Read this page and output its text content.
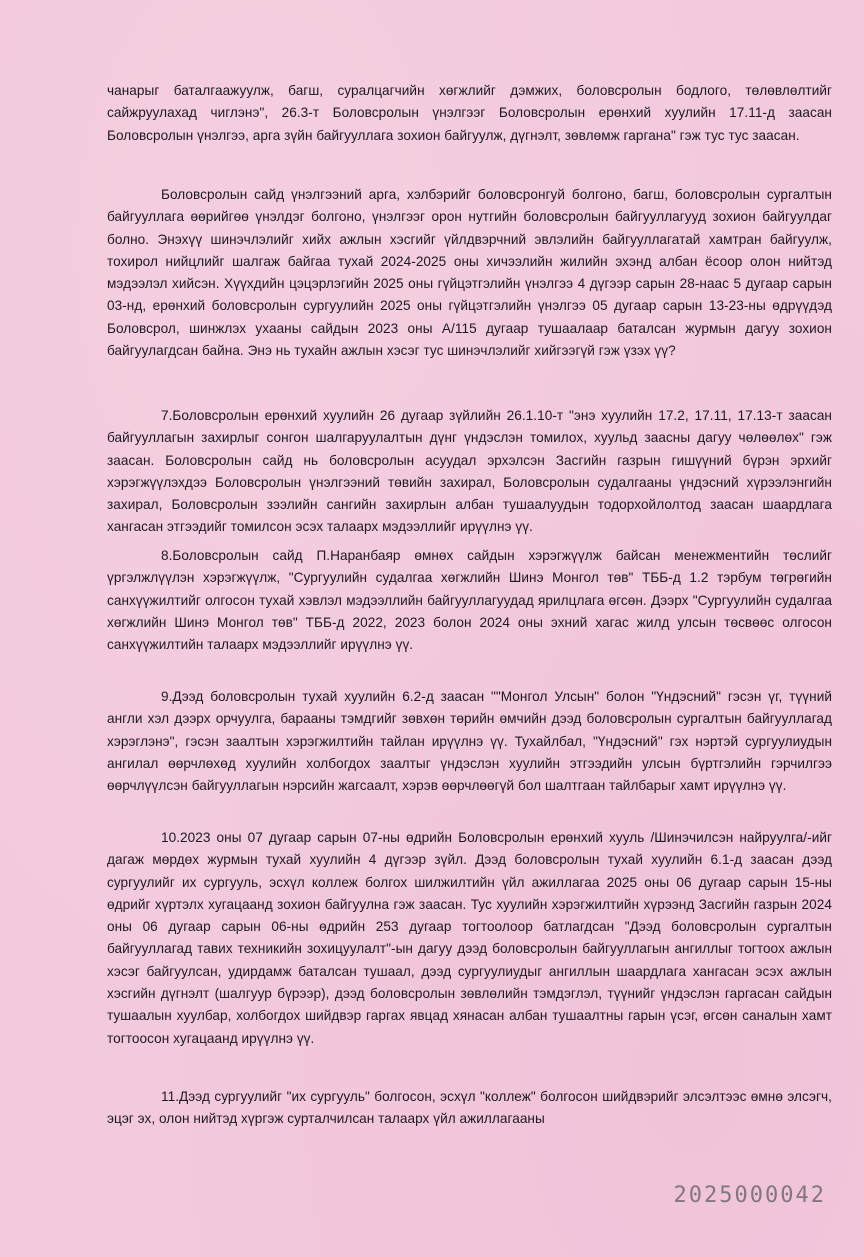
чанарыг баталгаажуулж, багш, суралцагчийн хөгжлийг дэмжих, боловсролын бодлого, төлөвлөлтийг сайжруулахад чиглэнэ", 26.3-т Боловсролын үнэлгээг Боловсролын ерөнхий хуулийн 17.11-д заасан Боловсролын үнэлгээ, арга зүйн байгууллага зохион байгуулж, дүгнэлт, зөвлөмж гаргана" гэж тус тус заасан.

Боловсролын сайд үнэлгээний арга, хэлбэрийг боловсронгуй болгоно, багш, боловсролын сургалтын байгууллага өөрийгөө үнэлдэг болгоно, үнэлгээг орон нутгийн боловсролын байгууллагууд зохион байгуулдаг болно. Энэхүү шинэчлэлийг хийх ажлын хэсгийг үйлдвэрчний эвлэлийн байгууллагатай хамтран байгуулж, тохирол нийцлийг шалгаж байгаа тухай 2024-2025 оны хичээлийн жилийн эхэнд албан ёсоор олон нийтэд мэдээлэл хийсэн. Хүүхдийн цэцэрлэгийн 2025 оны гүйцэтгэлийн үнэлгээ 4 дүгээр сарын 28-наас 5 дугаар сарын 03-нд, ерөнхий боловсролын сургуулийн 2025 оны гүйцэтгэлийн үнэлгээ 05 дугаар сарын 13-23-ны өдрүүдэд Боловсрол, шинжлэх ухааны сайдын 2023 оны А/115 дугаар тушаалаар баталсан журмын дагуу зохион байгуулагдсан байна. Энэ нь тухайн ажлын хэсэг тус шинэчлэлийг хийгээгүй гэж үзэх үү?

7.Боловсролын ерөнхий хуулийн 26 дугаар зүйлийн 26.1.10-т "энэ хуулийн 17.2, 17.11, 17.13-т заасан байгууллагын захирлыг сонгон шалгаруулалтын дүнг үндэслэн томилох, хуульд заасны дагуу чөлөөлөх" гэж заасан. Боловсролын сайд нь боловсролын асуудал эрхэлсэн Засгийн газрын гишүүний бүрэн эрхийг хэрэгжүүлэхдээ Боловсролын үнэлгээний төвийн захирал, Боловсролын судалгааны үндэсний хүрээлэнгийн захирал, Боловсролын зээлийн сангийн захирлын албан тушаалуудын тодорхойлолтод заасан шаардлага хангасан этгээдийг томилсон эсэх талаарх мэдээллийг ирүүлнэ үү.

8.Боловсролын сайд П.Наранбаяр өмнөх сайдын хэрэгжүүлж байсан менежментийн төслийг үргэлжлүүлэн хэрэгжүүлж, "Сургуулийн судалгаа хөгжлийн Шинэ Монгол төв" ТББ-д 1.2 тэрбум төгрөгийн санхүүжилтийг олгосон тухай хэвлэл мэдээллийн байгууллагуудад ярилцлага өгсөн. Дээрх "Сургуулийн судалгаа хөгжлийн Шинэ Монгол төв" ТББ-д 2022, 2023 болон 2024 оны эхний хагас жилд улсын төсвөөс олгосон санхүүжилтийн талаарх мэдээллийг ирүүлнэ үү.

9.Дээд боловсролын тухай хуулийн 6.2-д заасан ""Монгол Улсын" болон "Үндэсний" гэсэн үг, түүний англи хэл дээрх орчуулга, барааны тэмдгийг зөвхөн төрийн өмчийн дээд боловсролын сургалтын байгууллагад хэрэглэнэ", гэсэн заалтын хэрэгжилтийн тайлан ирүүлнэ үү. Тухайлбал, "Үндэсний" гэх нэртэй сургуулиудын ангилал өөрчлөхөд хуулийн холбогдох заалтыг үндэслэн хуулийн этгээдийн улсын бүртгэлийн гэрчилгээ өөрчлүүлсэн байгууллагын нэрсийн жагсаалт, хэрэв өөрчлөөгүй бол шалтгаан тайлбарыг хамт ирүүлнэ үү.

10.2023 оны 07 дугаар сарын 07-ны өдрийн Боловсролын ерөнхий хууль /Шинэчилсэн найруулга/-ийг дагаж мөрдөх журмын тухай хуулийн 4 дүгээр зүйл. Дээд боловсролын тухай хуулийн 6.1-д заасан дээд сургуулийг их сургууль, эсхүл коллеж болгох шилжилтийн үйл ажиллагаа 2025 оны 06 дугаар сарын 15-ны өдрийг хүртэлх хугацаанд зохион байгуулна гэж заасан. Тус хуулийн хэрэгжилтийн хүрээнд Засгийн газрын 2024 оны 06 дугаар сарын 06-ны өдрийн 253 дугаар тогтоолоор батлагдсан "Дээд боловсролын сургалтын байгууллагад тавих техникийн зохицуулалт"-ын дагуу дээд боловсролын байгууллагын ангиллыг тогтоох ажлын хэсэг байгуулсан, удирдамж баталсан тушаал, дээд сургуулиудыг ангиллын шаардлага хангасан эсэх ажлын хэсгийн дүгнэлт (шалгуур бүрээр), дээд боловсролын зөвлөлийн тэмдэглэл, түүнийг үндэслэн гаргасан сайдын тушаалын хуулбар, холбогдох шийдвэр гаргах явцад хянасан албан тушаалтны гарын үсэг, өгсөн саналын хамт тогтоосон хугацаанд ирүүлнэ үү.

11.Дээд сургуулийг "их сургууль" болгосон, эсхүл "коллеж" болгосон шийдвэрийг элсэлтээс өмнө элсэгч, эцэг эх, олон нийтэд хүргэж сурталчилсан талаарх үйл ажиллагааны

2025000042
